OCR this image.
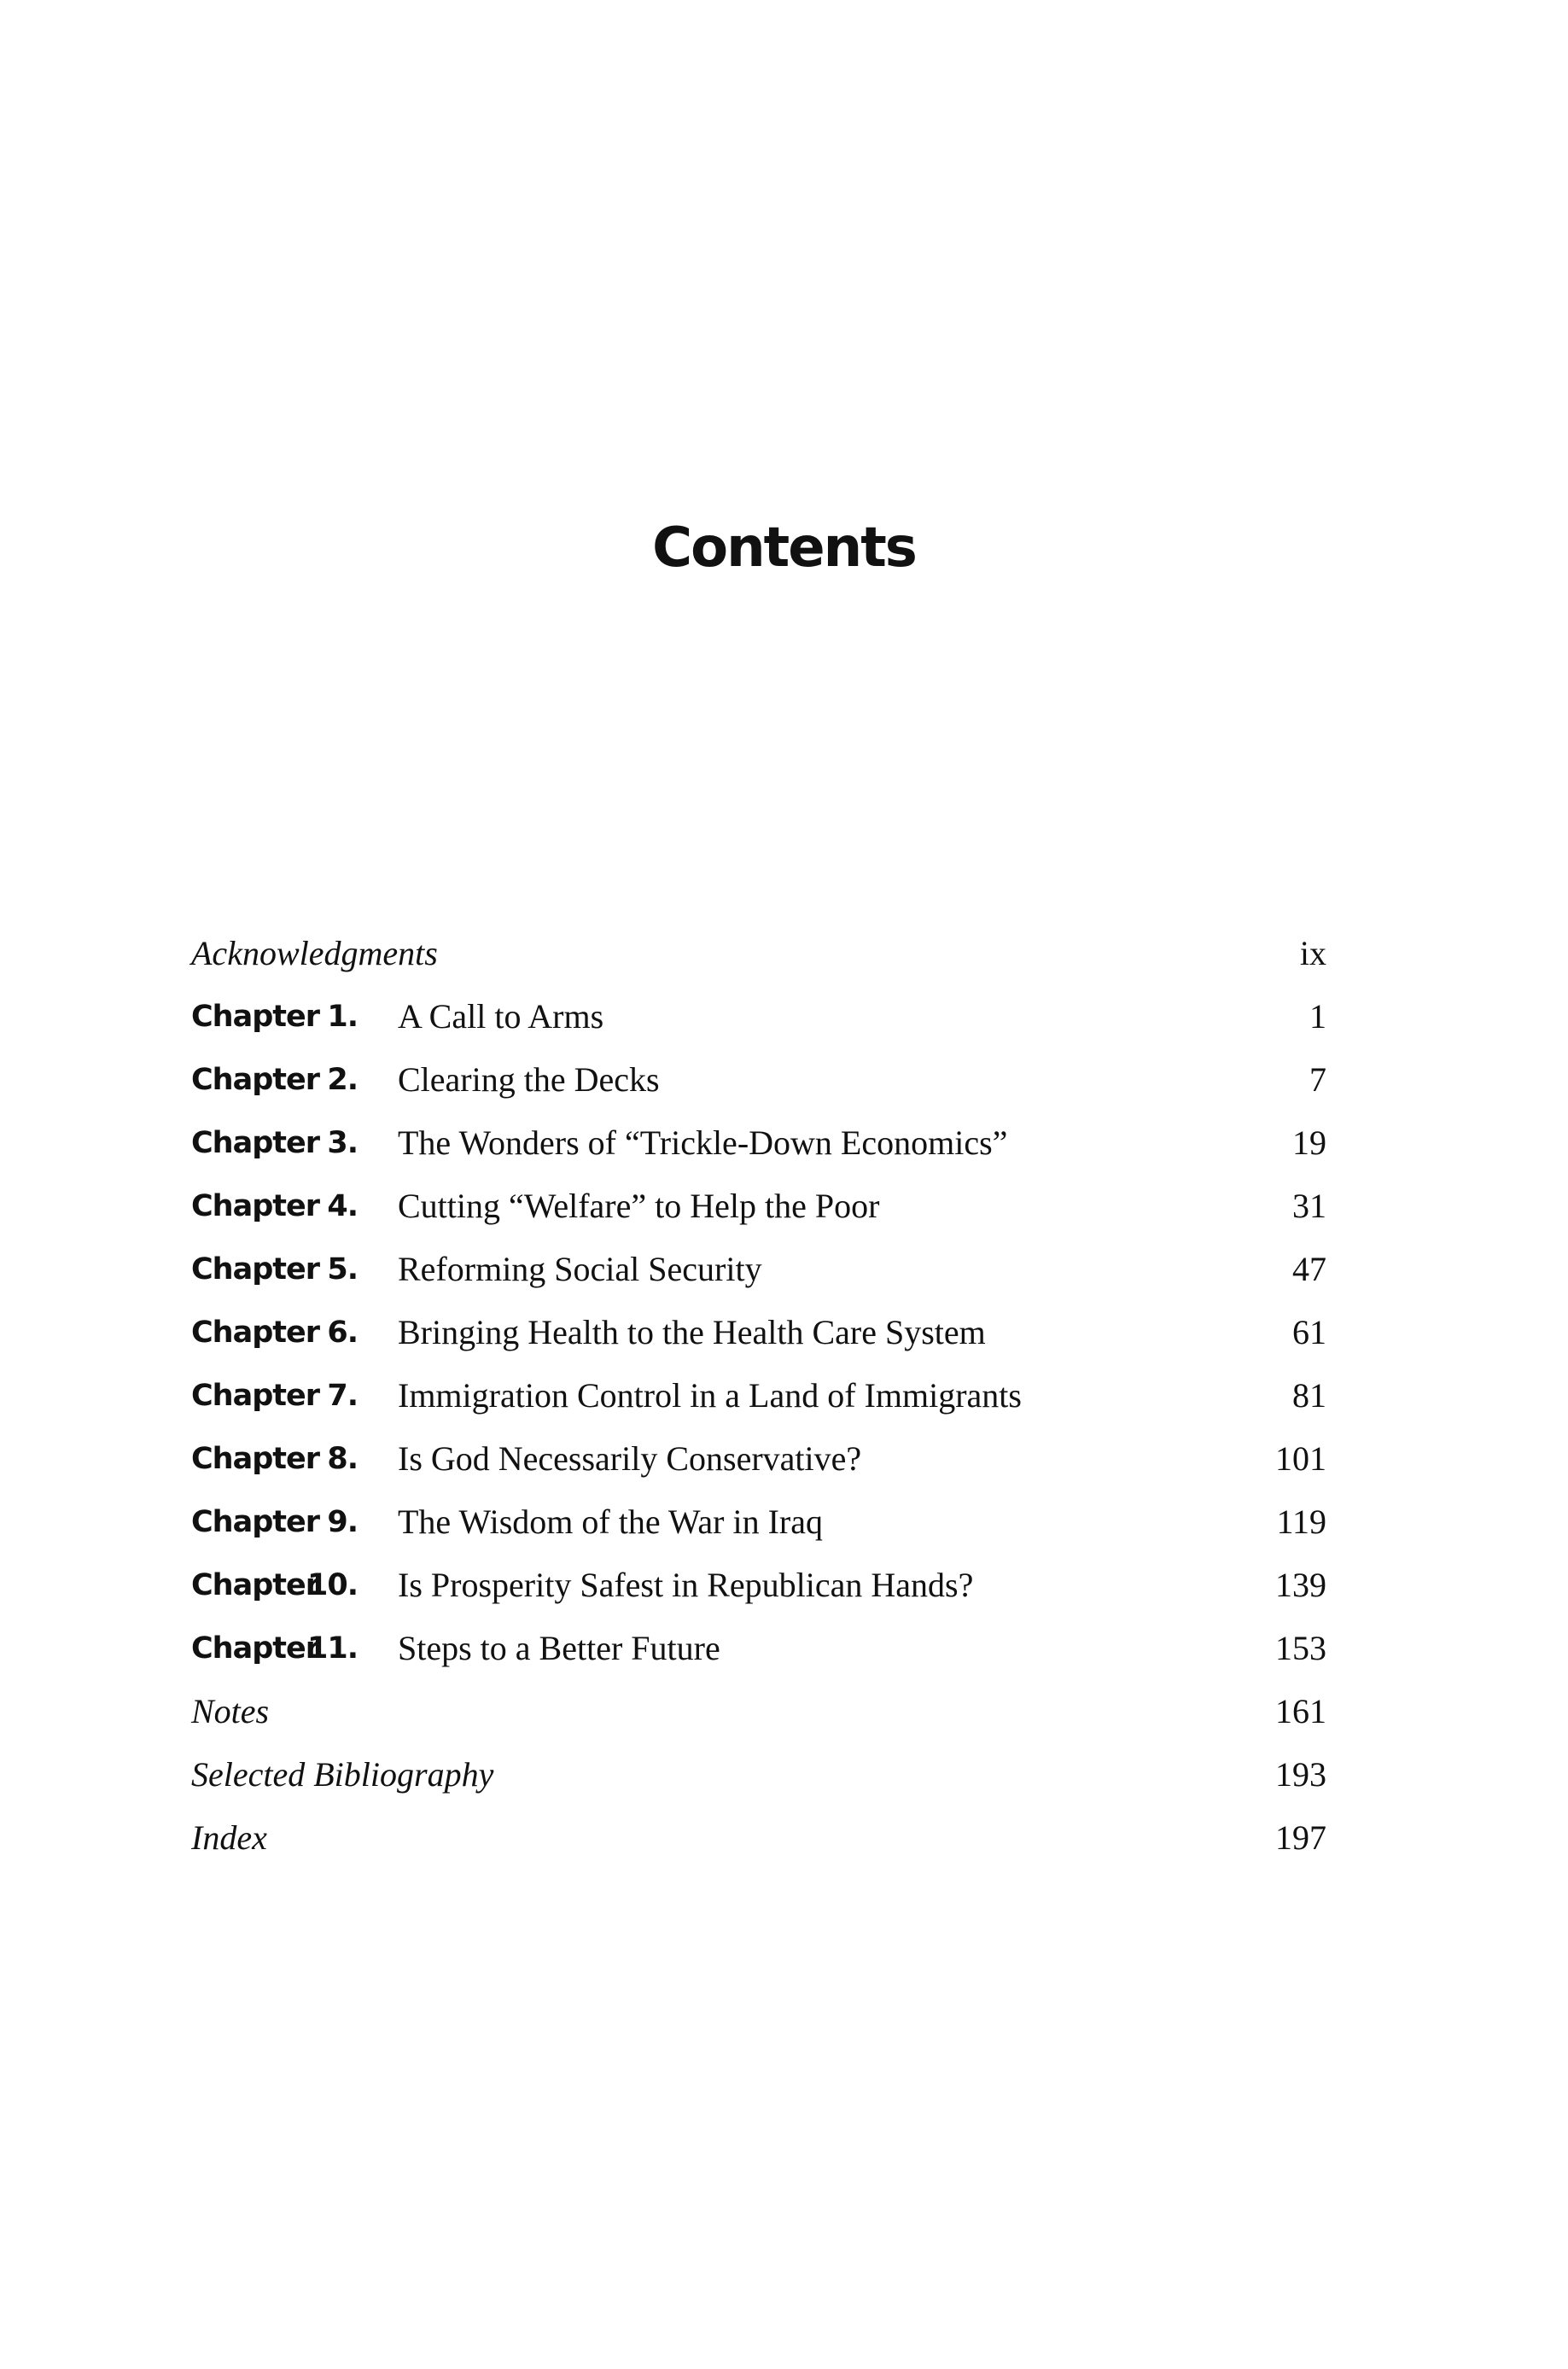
Contents
Acknowledgments	ix
Chapter 1. A Call to Arms	1
Chapter 2. Clearing the Decks	7
Chapter 3. The Wonders of “Trickle-Down Economics”	19
Chapter 4. Cutting “Welfare” to Help the Poor	31
Chapter 5. Reforming Social Security	47
Chapter 6. Bringing Health to the Health Care System	61
Chapter 7. Immigration Control in a Land of Immigrants	81
Chapter 8. Is God Necessarily Conservative?	101
Chapter 9. The Wisdom of the War in Iraq	119
Chapter10. Is Prosperity Safest in Republican Hands?	139
Chapter11. Steps to a Better Future	153
Notes	161
Selected Bibliography	193
Index	197
